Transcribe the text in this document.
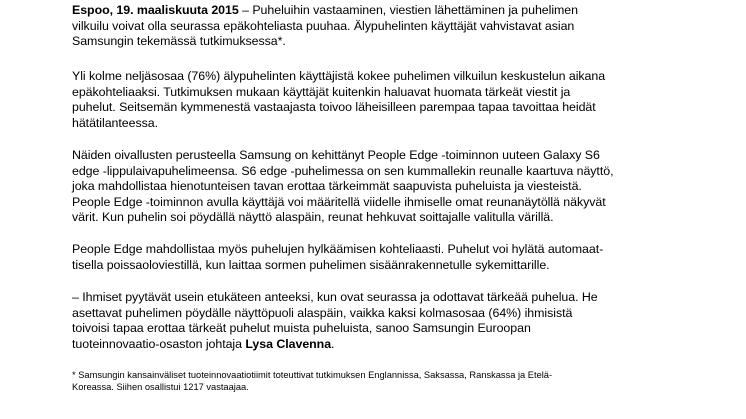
Espoo, 19. maaliskuuta 2015 – Puheluihin vastaaminen, viestien lähettäminen ja puhelimen
vilkuilu voivat olla seurassa epäkohteliasta puuhaa. Älypuhelinten käyttäjät vahvistavat asian
Samsungin tekemässä tutkimuksessa*.

Yli kolme neljäsosaa (76%) älypuhelinten käyttäjistä kokee puhelimen vilkuilun keskustelun aikana
epäkohteliaaksi. Tutkimuksen mukaan käyttäjät kuitenkin haluavat huomata tärkeät viestit ja
puhelut. Seitsemän kymmenestä vastaajasta toivoo läheisilleen parempaa tapaa tavoittaa heidät
hätätilanteessa.

Näiden oivallusten perusteella Samsung on kehittänyt People Edge -toiminnon uuteen Galaxy S6
edge -lippulaivapuhelimeensa. S6 edge -puhelimessa on sen kummallekin reunalle kaartuva näyttö,
joka mahdollistaa hienotunteisen tavan erottaa tärkeimmät saapuvista puheluista ja viesteistä.
People Edge -toiminnon avulla käyttäjä voi määritellä viidelle ihmiselle omat reunanäytöllä näkyvät
värit. Kun puhelin soi pöydällä näyttö alaspäin, reunat hehkuvat soittajalle valitulla värillä.

People Edge mahdollistaa myös puhelujen hylkäämisen kohteliaasti. Puhelut voi hylätä automaat-
tisella poissaoloviestillä, kun laittaa sormen puhelimen sisäänrakennetulle sykemittarille.

– Ihmiset pyytävät usein etukäteen anteeksi, kun ovat seurassa ja odottavat tärkeää puhelua. He
asettavat puhelimen pöydälle näyttöpuoli alaspäin, vaikka kaksi kolmasosaa (64%) ihmisistä
toivoisi tapaa erottaa tärkeät puhelut muista puheluista, sanoo Samsungin Euroopan
tuoteinnovaatio-osaston johtaja Lysa Clavenna.

* Samsungin kansainväliset tuoteinnovaatiotiimit toteuttivat tutkimuksen Englannissa, Saksassa, Ranskassa ja Etelä-
Koreassa. Siihen osallistui 1217 vastaajaa.
